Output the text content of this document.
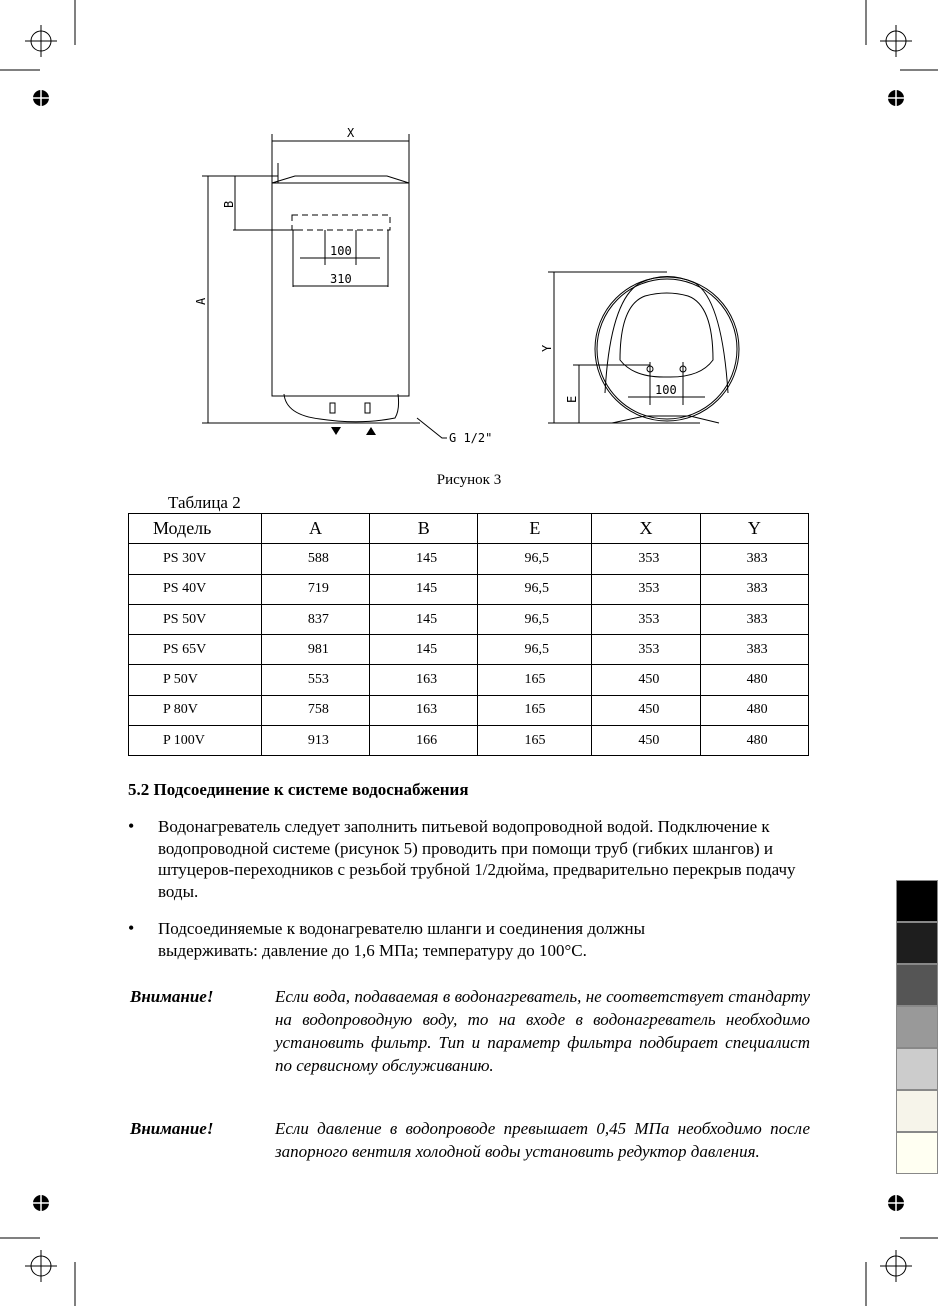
X
B
A
100
310
G 1/2"
Y
E
100
Рисунок 3
Таблица 2
Модель	A	B	E	X	Y
PS 30V	588	145	96,5	353	383
PS 40V	719	145	96,5	353	383
PS 50V	837	145	96,5	353	383
PS 65V	981	145	96,5	353	383
P 50V	553	163	165	450	480
P 80V	758	163	165	450	480
P 100V	913	166	165	450	480
5.2 Подсоединение к системе водоснабжения
• Водонагреватель следует заполнить питьевой водопроводной водой. Подключение к водопроводной системе (рисунок 5) проводить при помощи труб (гибких шлангов) и штуцеров-переходников с резьбой трубной 1/2дюйма, предварительно перекрыв подачу воды.
• Подсоединяемые к водонагревателю шланги и соединения должны выдерживать: давление до 1,6 МПа; температуру до 100°C.
Внимание!	Если вода, подаваемая в водонагреватель, не соответствует стандарту на водопроводную воду, то на входе в водонагреватель необходимо установить фильтр. Тип и параметр фильтра подбирает специалист по сервисному обслуживанию.
Внимание!	Если давление в водопроводе превышает 0,45 МПа необходимо после запорного вентиля холодной воды установить редуктор давления.
